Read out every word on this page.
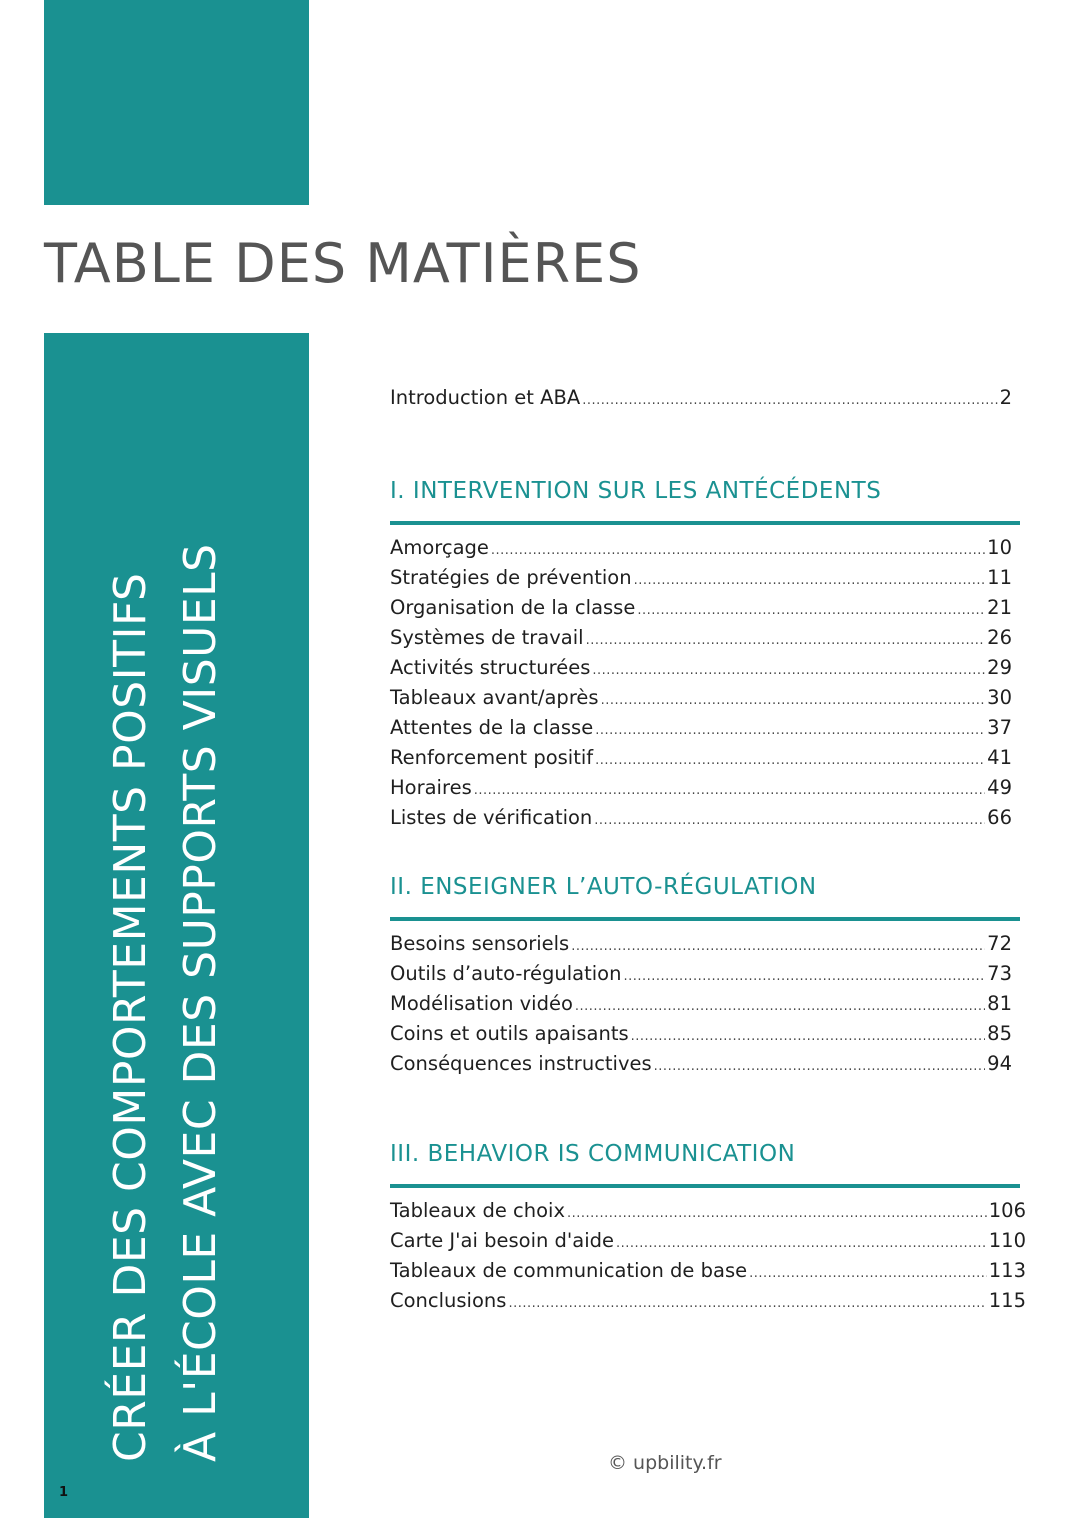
TABLE DES MATIÈRES
CRÉER DES COMPORTEMENTS POSITIFS À L'ÉCOLE AVEC DES SUPPORTS VISUELS
1
Introduction et ABA .....	2
I. INTERVENTION SUR LES ANTÉCÉDENTS
Amorçage .....	10
Stratégies de prévention .....	11
Organisation de la classe .....	21
Systèmes de travail .....	26
Activités structurées .....	29
Tableaux avant/après .....	30
Attentes de la classe .....	37
Renforcement positif .....	41
Horaires .....	49
Listes de vérification .....	66
II. ENSEIGNER L’AUTO-RÉGULATION
Besoins sensoriels .....	72
Outils d’auto-régulation .....	73
Modélisation vidéo .....	81
Coins et outils apaisants .....	85
Conséquences instructives .....	94
III. BEHAVIOR IS COMMUNICATION
Tableaux de choix .....	106
Carte J'ai besoin d'aide .....	110
Tableaux de communication de base .....	113
Conclusions .....	115
© upbility.fr
